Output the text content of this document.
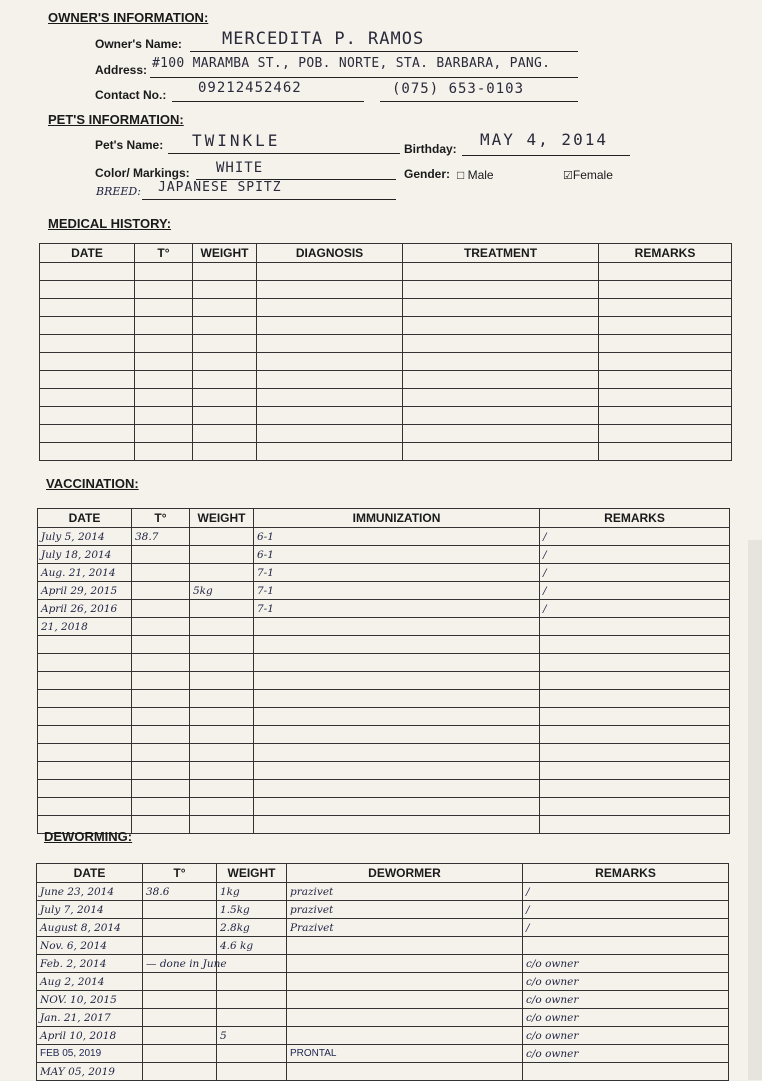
OWNER'S INFORMATION:
Owner's Name: MERCEDITA P. RAMOS
Address: #100 MARAMBA ST., POB. NORTE, STA. BARBARA, PANG.
Contact No.: 09212452462	(075) 653-0103
PET'S INFORMATION:
Pet's Name: TWINKLE	Birthday: MAY 4, 2014
Color/ Markings: WHITE	Gender: □ Male	☑Female
BREED: JAPANESE SPITZ
MEDICAL HISTORY:
DATE	T°	WEIGHT	DIAGNOSIS	TREATMENT	REMARKS

VACCINATION:
DATE	T°	WEIGHT	IMMUNIZATION	REMARKS
July 5, 2014	38.7		6-1	/
July 18, 2014			6-1	/
Aug. 21, 2014			7-1	/
April 29, 2015		5kg	7-1	/
April 26, 2016			7-1	/
21, 2018				

DEWORMING:
DATE	T°	WEIGHT	DEWORMER	REMARKS
June 23, 2014	38.6	1kg	prazivet	/
July 7, 2014		1.5kg	prazivet	/
August 8, 2014		2.8kg	Prazivet	/
Nov. 6, 2014		4.6 kg		
Feb. 2, 2014	— done in June			c/o owner
Aug 2, 2014				c/o owner
NOV. 10, 2015				c/o owner
Jan. 21, 2017				c/o owner
April 10, 2018		5		c/o owner
FEB 05, 2019			PRONTAL	c/o owner
MAY 05, 2019				
